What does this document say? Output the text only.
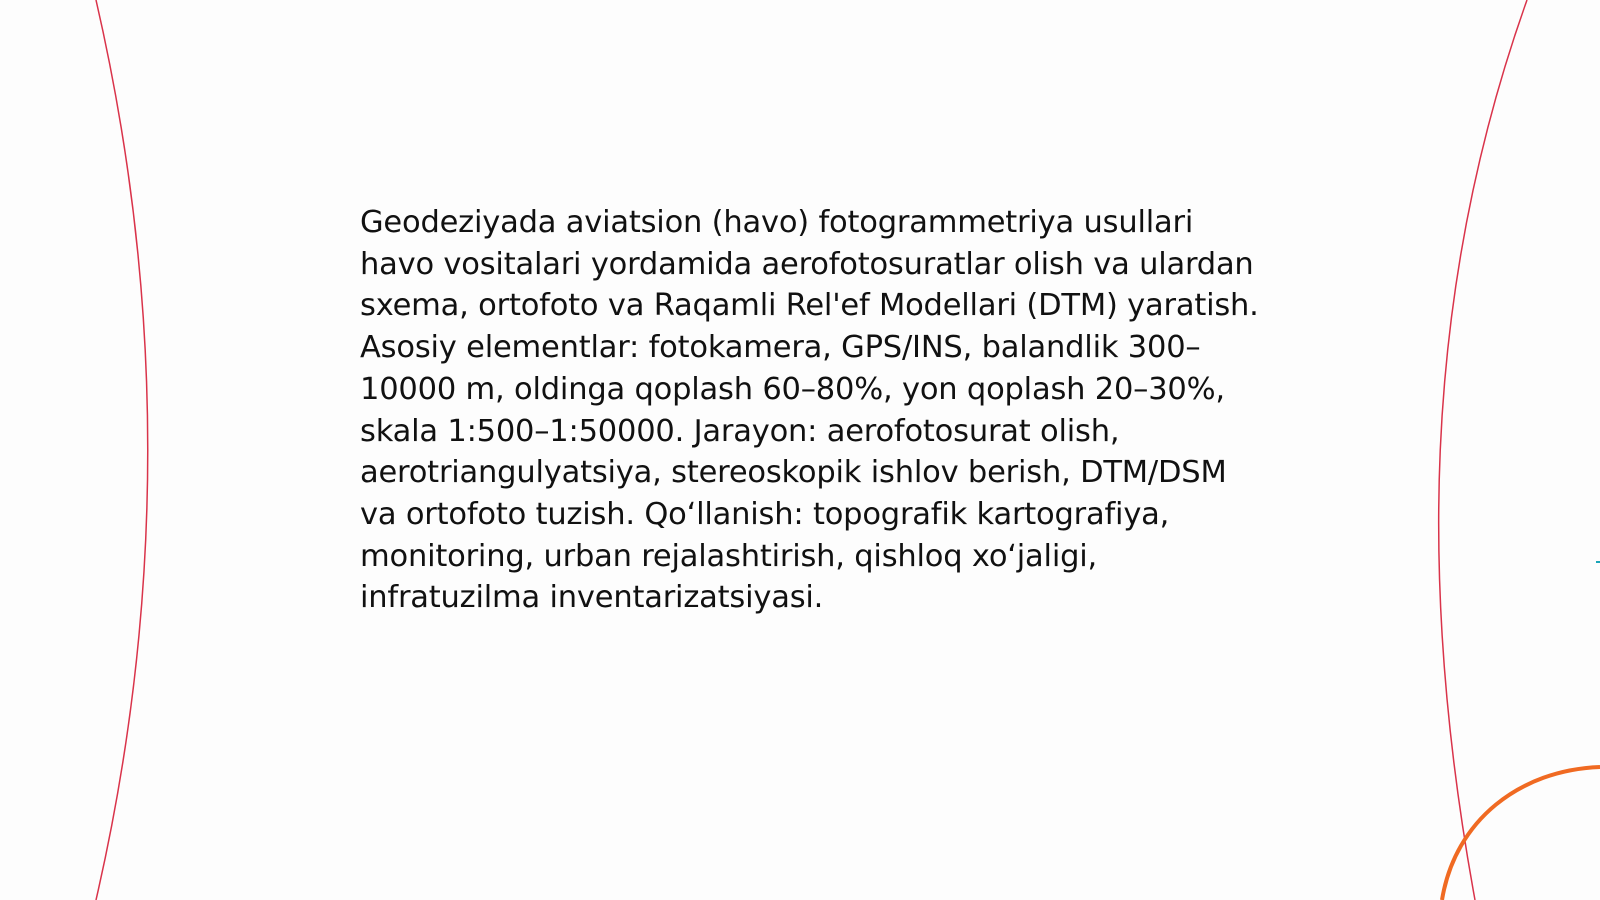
Geodeziyada aviatsion (havo) fotogrammetriya usullari havo vositalari yordamida aerofotosuratlar olish va ulardan sxema, ortofoto va Raqamli Rel'ef Modellari (DTM) yaratish. Asosiy elementlar: fotokamera, GPS/INS, balandlik 300–10000 m, oldinga qoplash 60–80%, yon qoplash 20–30%, skala 1:500–1:50000. Jarayon: aerofotosurat olish, aerotriangulyatsiya, stereoskopik ishlov berish, DTM/DSM va ortofoto tuzish. Qo‘llanish: topografik kartografiya, monitoring, urban rejalashtirish, qishloq xo‘jaligi, infratuzilma inventarizatsiyasi.
